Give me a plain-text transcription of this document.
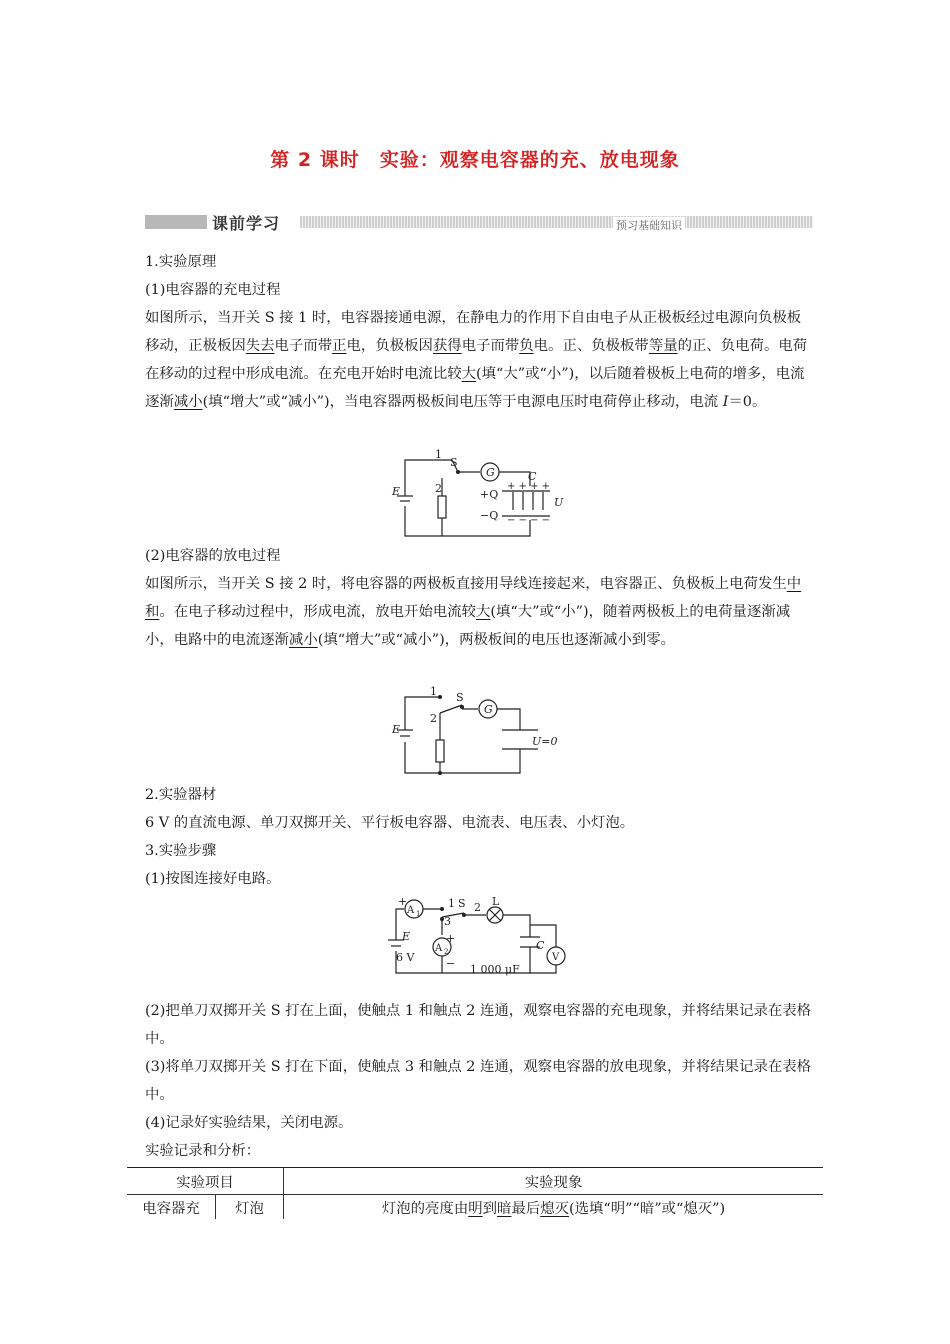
第 2 课时　实验：观察电容器的充、放电现象
课前学习	预习基础知识

1.实验原理

(1)电容器的充电过程

如图所示，当开关 S 接 1 时，电容器接通电源，在静电力的作用下自由电子从正极板经过电源向负极板移动，正极板因失去电子而带正电，负极板因获得电子而带负电。正、负极板带等量的正、负电荷。电荷在移动的过程中形成电流。在充电开始时电流比较大(填“大”或“小”)，以后随着极板上电荷的增多，电流逐渐减小(填“增大”或“减小”)，当电容器两极板间电压等于电源电压时电荷停止移动，电流 I＝0。

G
1
S
2
E
C
+ + + +
− − − −
+Q
−Q
U

(2)电容器的放电过程

如图所示，当开关 S 接 2 时，将电容器的两极板直接用导线连接起来，电容器正、负极板上电荷发生中和。在电子移动过程中，形成电流，放电开始电流较大(填“大”或“小”)，随着两极板上的电荷量逐渐减小，电路中的电流逐渐减小(填“增大”或“减小”)，两极板间的电压也逐渐减小到零。

G
1 S
2
E
U=0

2.实验器材

6 V 的直流电源、单刀双掷开关、平行板电容器、电流表、电压表、小灯泡。

3.实验步骤

(1)按图连接好电路。

A 1
A 2
+
+
−
1 S 2
3
L
E
6 V
C
1 000 μF
V

(2)把单刀双掷开关 S 打在上面，使触点 1 和触点 2 连通，观察电容器的充电现象，并将结果记录在表格中。

(3)将单刀双掷开关 S 打在下面，使触点 3 和触点 2 连通，观察电容器的放电现象，并将结果记录在表格中。

(4)记录好实验结果，关闭电源。

实验记录和分析：

实验项目		实验现象
电容器充	灯泡	灯泡的亮度由明到暗最后熄灭(选填“明”“暗”或“熄灭”)
